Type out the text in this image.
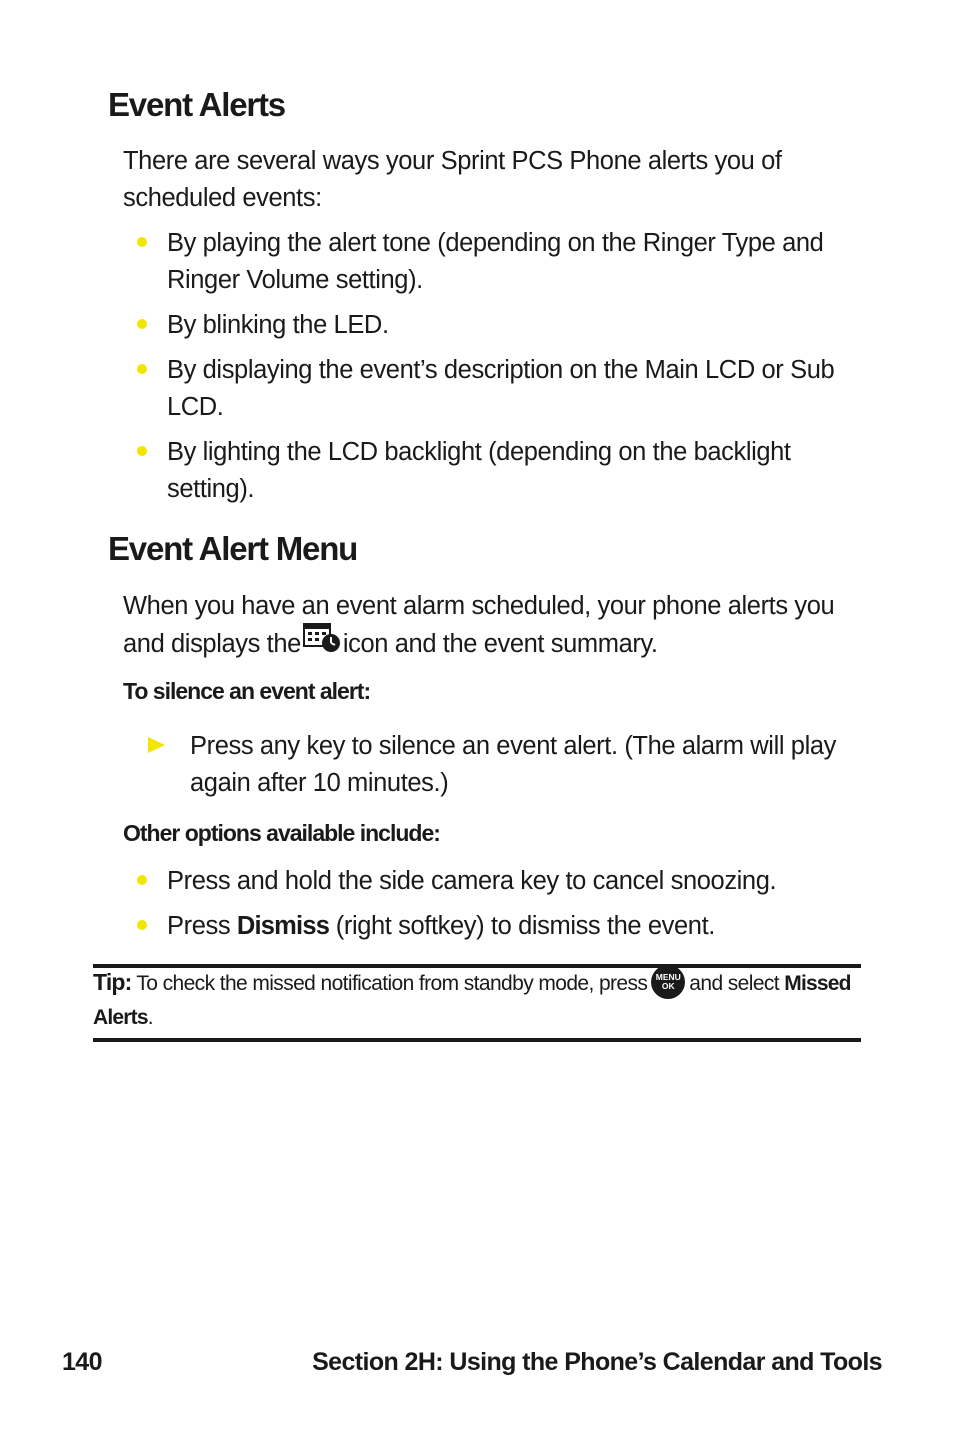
Event Alerts

There are several ways your Sprint PCS Phone alerts you of scheduled events:

By playing the alert tone (depending on the Ringer Type and Ringer Volume setting).

By blinking the LED.

By displaying the event’s description on the Main LCD or Sub LCD.

By lighting the LCD backlight (depending on the backlight setting).

Event Alert Menu

When you have an event alarm scheduled, your phone alerts you and displays the icon and the event summary.

To silence an event alert:

Press any key to silence an event alert. (The alarm will play again after 10 minutes.)

Other options available include:

Press and hold the side camera key to cancel snoozing.

Press Dismiss (right softkey) to dismiss the event.

Tip: To check the missed notification from standby mode, press MENU
OK and select Missed Alerts.

140	Section 2H: Using the Phone’s Calendar and Tools
